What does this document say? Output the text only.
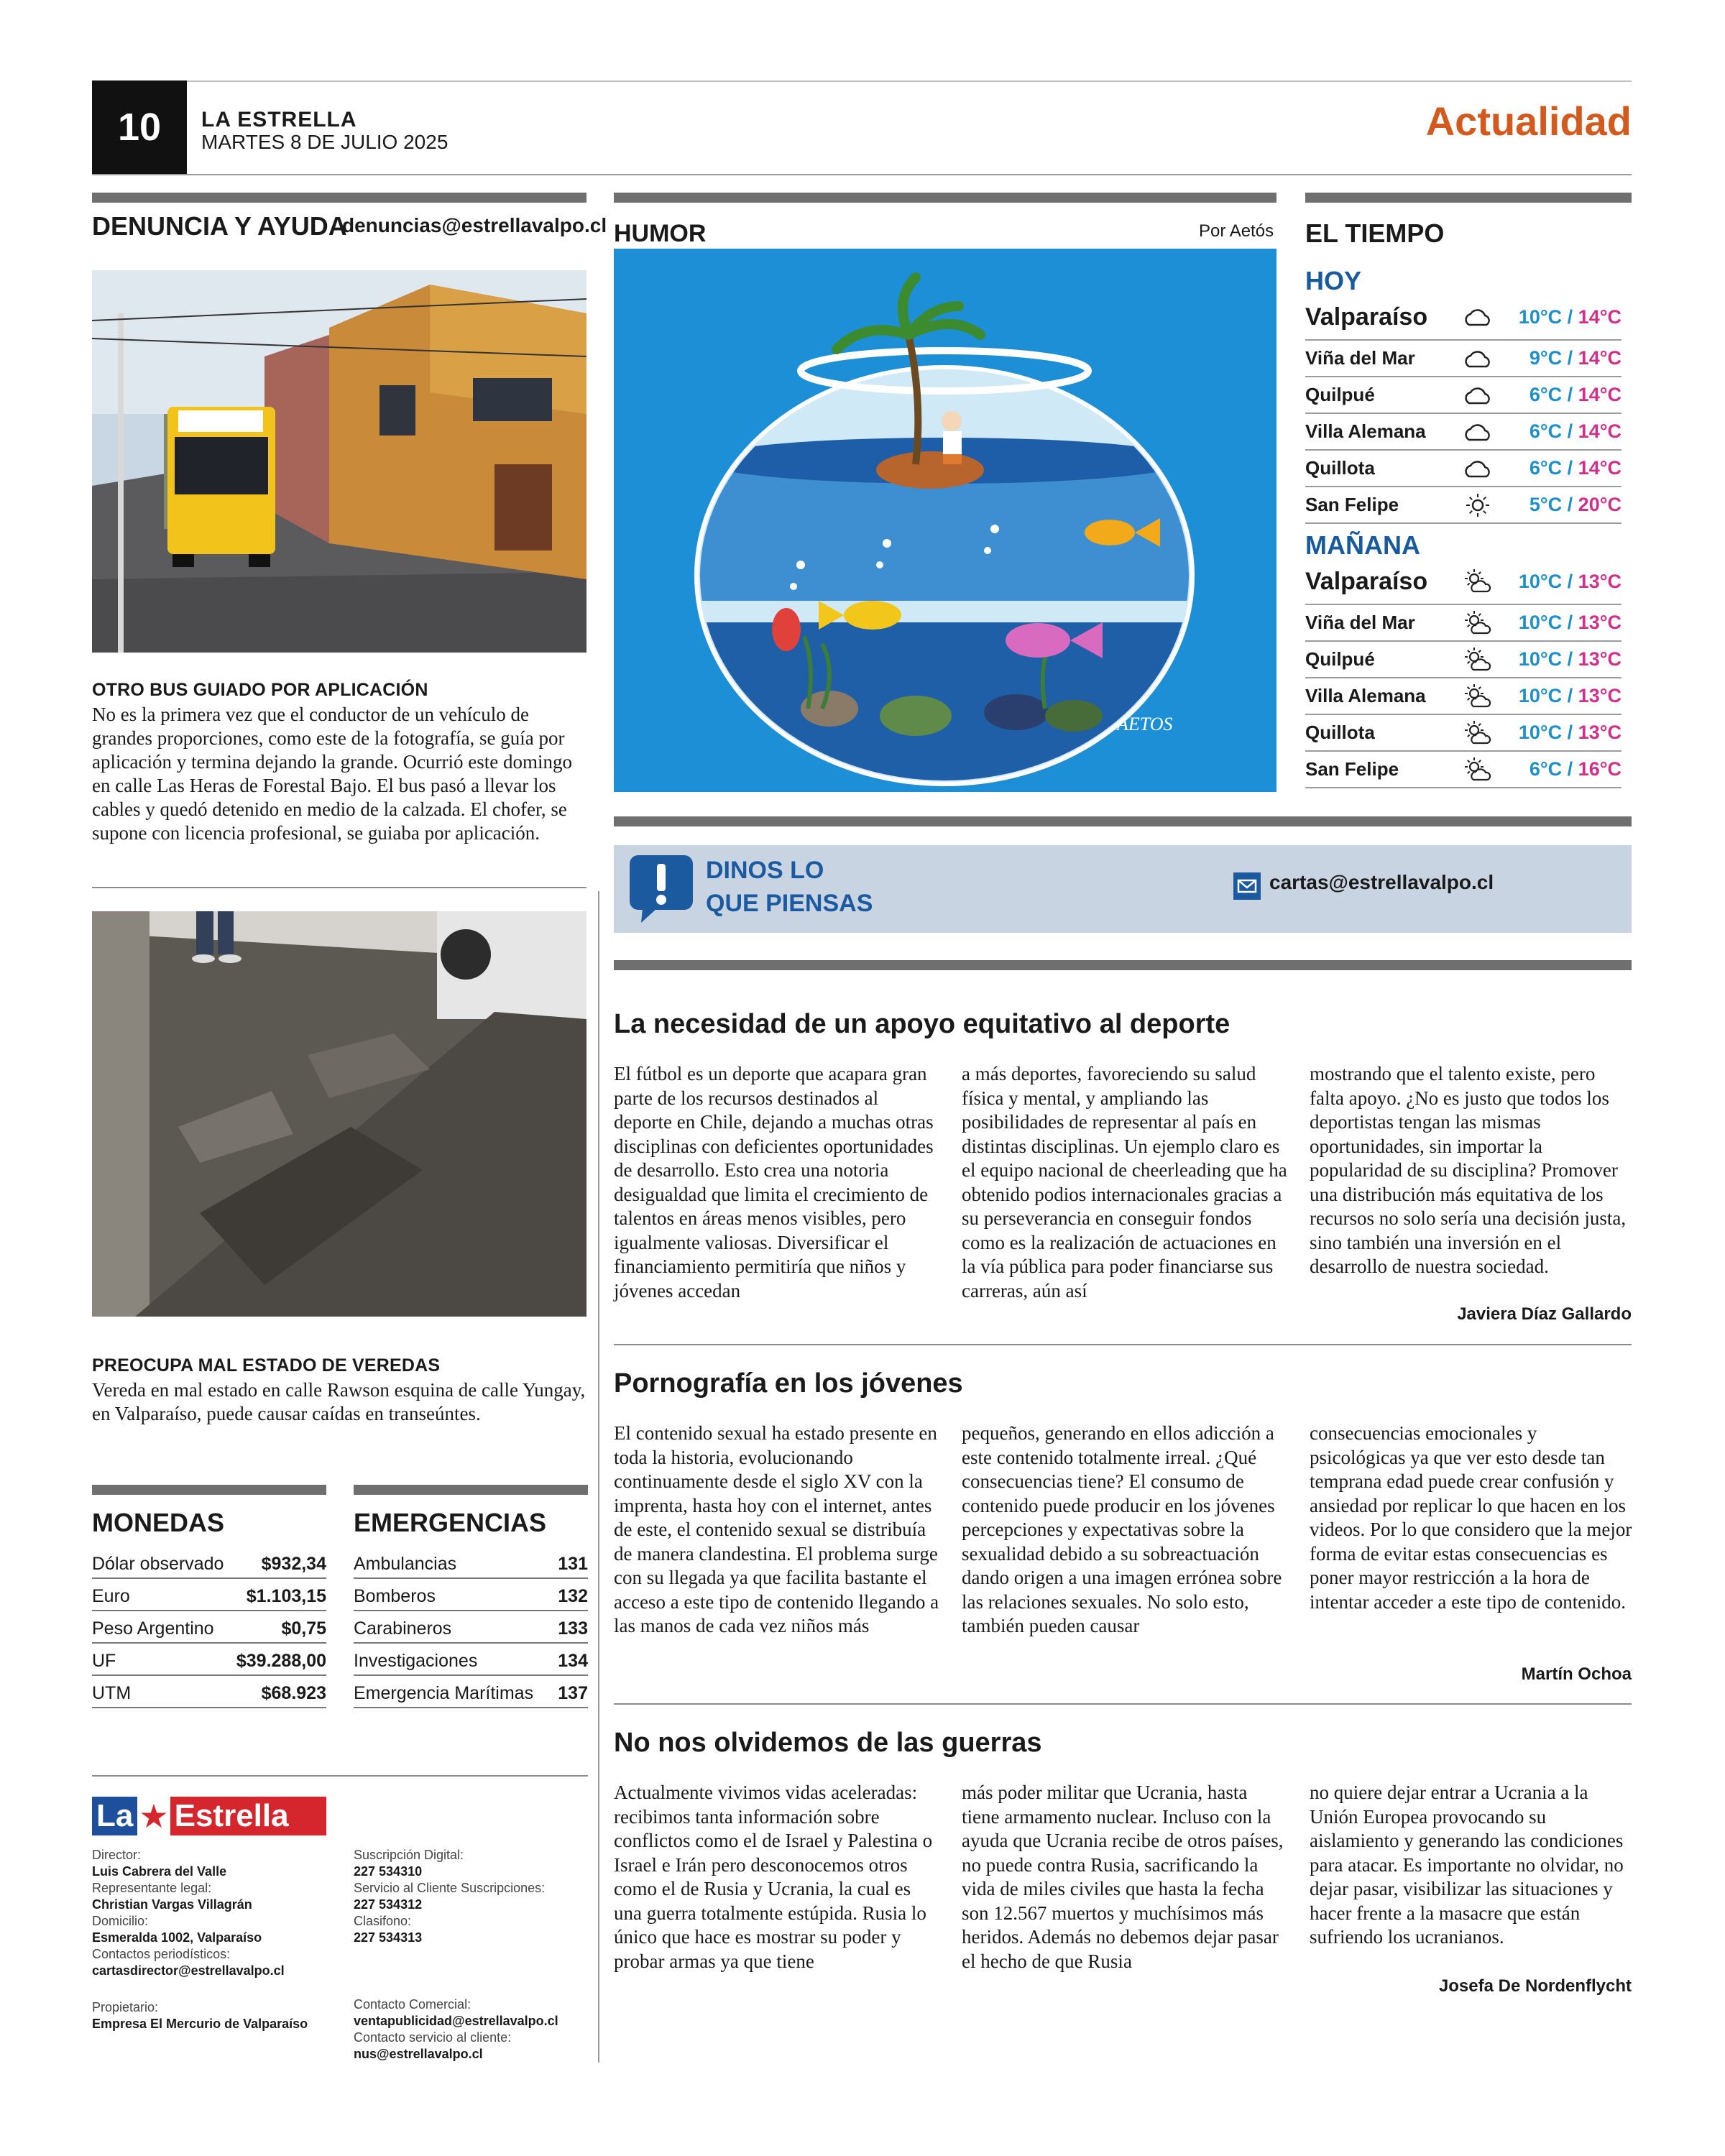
10	LA ESTRELLA
MARTES 8 DE JULIO 2025	Actualidad
DENUNCIA Y AYUDA
denuncias@estrellavalpo.cl
OTRO BUS GUIADO POR APLICACIÓN
No es la primera vez que el conductor de un vehículo de grandes proporciones, como este de la fotografía, se guía por aplicación y termina dejando la grande. Ocurrió este domingo en calle Las Heras de Forestal Bajo. El bus pasó a llevar los cables y quedó detenido en medio de la calzada. El chofer, se supone con licencia profesional, se guiaba por aplicación.
PREOCUPA MAL ESTADO DE VEREDAS
Vereda en mal estado en calle Rawson esquina de calle Yungay, en Valparaíso, puede causar caídas en transeúntes.
MONEDAS
Dólar observado $932,34
Euro	$1.103,15
Peso Argentino	$0,75
UF	$39.288,00
UTM	$68.923
EMERGENCIAS
Ambulancias	131
Bomberos	132
Carabineros	133
Investigaciones	134
Emergencia Marítimas 137
La ★ Estrella
Director:
Luis Cabrera del Valle
Representante legal:
Christian Vargas Villagrán
Domicilio:
Esmeralda 1002, Valparaíso
Contactos periodísticos:
cartasdirector@estrellavalpo.cl
Propietario:
Empresa El Mercurio de Valparaíso
Suscripción Digital:
227 534310
Servicio al Cliente Suscripciones:
227 534312
Clasifono:
227 534313
Contacto Comercial:
ventapublicidad@estrellavalpo.cl
Contacto servicio al cliente:
nus@estrellavalpo.cl
HUMOR	Por Aetós
AETOS
EL TIEMPO
HOY
Valparaíso	10°C / 14°C
Viña del Mar	9°C / 14°C
Quilpué	6°C / 14°C
Villa Alemana	6°C / 14°C
Quillota	6°C / 14°C
San Felipe	5°C / 20°C
MAÑANA
Valparaíso	10°C / 13°C
Viña del Mar	10°C / 13°C
Quilpué	10°C / 13°C
Villa Alemana	10°C / 13°C
Quillota	10°C / 13°C
San Felipe	6°C / 16°C
DINOS LO
QUE PIENSAS
cartas@estrellavalpo.cl
La necesidad de un apoyo equitativo al deporte
El fútbol es un deporte que acapara gran parte de los recursos destinados al deporte en Chile, dejando a muchas otras disciplinas con deficientes oportunidades de desarrollo. Esto crea una notoria desigualdad que limita el crecimiento de talentos en áreas menos visibles, pero igualmente valiosas. Diversificar el financiamiento permitiría que niños y jóvenes accedan
a más deportes, favoreciendo su salud física y mental, y ampliando las posibilidades de representar al país en distintas disciplinas. Un ejemplo claro es el equipo nacional de cheerleading que ha obtenido podios internacionales gracias a su perseverancia en conseguir fondos como es la realización de actuaciones en la vía pública para poder financiarse sus carreras, aún así
mostrando que el talento existe, pero falta apoyo. ¿No es justo que todos los deportistas tengan las mismas oportunidades, sin importar la popularidad de su disciplina? Promover una distribución más equitativa de los recursos no solo sería una decisión justa, sino también una inversión en el desarrollo de nuestra sociedad.
Javiera Díaz Gallardo
Pornografía en los jóvenes
El contenido sexual ha estado presente en toda la historia, evolucionando continuamente desde el siglo XV con la imprenta, hasta hoy con el internet, antes de este, el contenido sexual se distribuía de manera clandestina. El problema surge con su llegada ya que facilita bastante el acceso a este tipo de contenido llegando a las manos de cada vez niños más
pequeños, generando en ellos adicción a este contenido totalmente irreal. ¿Qué consecuencias tiene? El consumo de contenido puede producir en los jóvenes percepciones y expectativas sobre la sexualidad debido a su sobreactuación dando origen a una imagen errónea sobre las relaciones sexuales. No solo esto, también pueden causar
consecuencias emocionales y psicológicas ya que ver esto desde tan temprana edad puede crear confusión y ansiedad por replicar lo que hacen en los videos. Por lo que considero que la mejor forma de evitar estas consecuencias es poner mayor restricción a la hora de intentar acceder a este tipo de contenido.
Martín Ochoa
No nos olvidemos de las guerras
Actualmente vivimos vidas aceleradas: recibimos tanta información sobre conflictos como el de Israel y Palestina o Israel e Irán pero desconocemos otros como el de Rusia y Ucrania, la cual es una guerra totalmente estúpida. Rusia lo único que hace es mostrar su poder y probar armas ya que tiene
más poder militar que Ucrania, hasta tiene armamento nuclear. Incluso con la ayuda que Ucrania recibe de otros países, no puede contra Rusia, sacrificando la vida de miles civiles que hasta la fecha son 12.567 muertos y muchísimos más heridos. Además no debemos dejar pasar el hecho de que Rusia
no quiere dejar entrar a Ucrania a la Unión Europea provocando su aislamiento y generando las condiciones para atacar. Es importante no olvidar, no dejar pasar, visibilizar las situaciones y hacer frente a la masacre que están sufriendo los ucranianos.
Josefa De Nordenflycht
